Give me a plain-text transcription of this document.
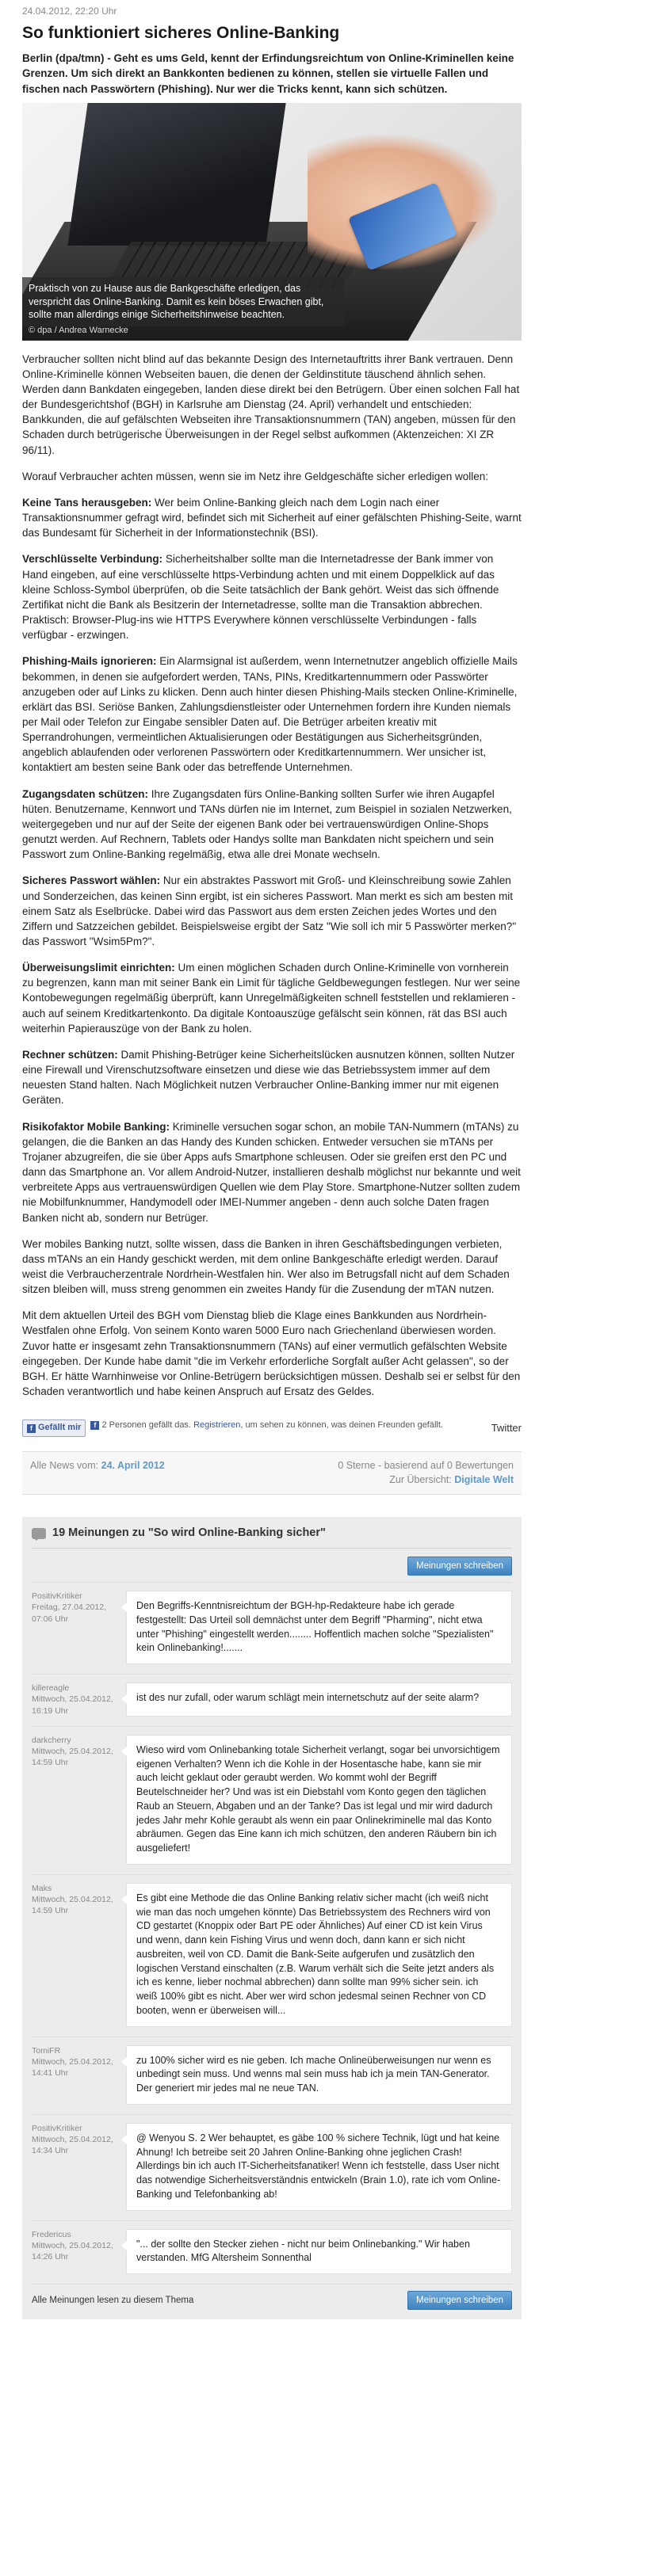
24.04.2012, 22:20 Uhr
So funktioniert sicheres Online-Banking

Berlin (dpa/tmn) - Geht es ums Geld, kennt der Erfindungsreichtum von Online-Kriminellen keine Grenzen. Um sich direkt an Bankkonten bedienen zu können, stellen sie virtuelle Fallen und fischen nach Passwörtern (Phishing). Nur wer die Tricks kennt, kann sich schützen.

Praktisch von zu Hause aus die Bankgeschäfte erledigen, das verspricht das Online-Banking. Damit es kein böses Erwachen gibt, sollte man allerdings einige Sicherheitshinweise beachten.
© dpa / Andrea Warnecke

Verbraucher sollten nicht blind auf das bekannte Design des Internetauftritts ihrer Bank vertrauen. Denn Online-Kriminelle können Webseiten bauen, die denen der Geldinstitute täuschend ähnlich sehen. Werden dann Bankdaten eingegeben, landen diese direkt bei den Betrügern. Über einen solchen Fall hat der Bundesgerichtshof (BGH) in Karlsruhe am Dienstag (24. April) verhandelt und entschieden: Bankkunden, die auf gefälschten Webseiten ihre Transaktionsnummern (TAN) angeben, müssen für den Schaden durch betrügerische Überweisungen in der Regel selbst aufkommen (Aktenzeichen: XI ZR 96/11).

Worauf Verbraucher achten müssen, wenn sie im Netz ihre Geldgeschäfte sicher erledigen wollen:

Keine Tans herausgeben: Wer beim Online-Banking gleich nach dem Login nach einer Transaktionsnummer gefragt wird, befindet sich mit Sicherheit auf einer gefälschten Phishing-Seite, warnt das Bundesamt für Sicherheit in der Informationstechnik (BSI).

Verschlüsselte Verbindung: Sicherheitshalber sollte man die Internetadresse der Bank immer von Hand eingeben, auf eine verschlüsselte https-Verbindung achten und mit einem Doppelklick auf das kleine Schloss-Symbol überprüfen, ob die Seite tatsächlich der Bank gehört. Weist das sich öffnende Zertifikat nicht die Bank als Besitzerin der Internetadresse, sollte man die Transaktion abbrechen. Praktisch: Browser-Plug-ins wie HTTPS Everywhere können verschlüsselte Verbindungen - falls verfügbar - erzwingen.

Phishing-Mails ignorieren: Ein Alarmsignal ist außerdem, wenn Internetnutzer angeblich offizielle Mails bekommen, in denen sie aufgefordert werden, TANs, PINs, Kreditkartennummern oder Passwörter anzugeben oder auf Links zu klicken. Denn auch hinter diesen Phishing-Mails stecken Online-Kriminelle, erklärt das BSI. Seriöse Banken, Zahlungsdienstleister oder Unternehmen fordern ihre Kunden niemals per Mail oder Telefon zur Eingabe sensibler Daten auf. Die Betrüger arbeiten kreativ mit Sperrandrohungen, vermeintlichen Aktualisierungen oder Bestätigungen aus Sicherheitsgründen, angeblich ablaufenden oder verlorenen Passwörtern oder Kreditkartennummern. Wer unsicher ist, kontaktiert am besten seine Bank oder das betreffende Unternehmen.

Zugangsdaten schützen: Ihre Zugangsdaten fürs Online-Banking sollten Surfer wie ihren Augapfel hüten. Benutzername, Kennwort und TANs dürfen nie im Internet, zum Beispiel in sozialen Netzwerken, weitergegeben und nur auf der Seite der eigenen Bank oder bei vertrauenswürdigen Online-Shops genutzt werden. Auf Rechnern, Tablets oder Handys sollte man Bankdaten nicht speichern und sein Passwort zum Online-Banking regelmäßig, etwa alle drei Monate wechseln.

Sicheres Passwort wählen: Nur ein abstraktes Passwort mit Groß- und Kleinschreibung sowie Zahlen und Sonderzeichen, das keinen Sinn ergibt, ist ein sicheres Passwort. Man merkt es sich am besten mit einem Satz als Eselbrücke. Dabei wird das Passwort aus dem ersten Zeichen jedes Wortes und den Ziffern und Satzzeichen gebildet. Beispielsweise ergibt der Satz "Wie soll ich mir 5 Passwörter merken?" das Passwort "Wsim5Pm?".

Überweisungslimit einrichten: Um einen möglichen Schaden durch Online-Kriminelle von vornherein zu begrenzen, kann man mit seiner Bank ein Limit für tägliche Geldbewegungen festlegen. Nur wer seine Kontobewegungen regelmäßig überprüft, kann Unregelmäßigkeiten schnell feststellen und reklamieren - auch auf seinem Kreditkartenkonto. Da digitale Kontoauszüge gefälscht sein können, rät das BSI auch weiterhin Papierauszüge von der Bank zu holen.

Rechner schützen: Damit Phishing-Betrüger keine Sicherheitslücken ausnutzen können, sollten Nutzer eine Firewall und Virenschutzsoftware einsetzen und diese wie das Betriebssystem immer auf dem neuesten Stand halten. Nach Möglichkeit nutzen Verbraucher Online-Banking immer nur mit eigenen Geräten.

Risikofaktor Mobile Banking: Kriminelle versuchen sogar schon, an mobile TAN-Nummern (mTANs) zu gelangen, die die Banken an das Handy des Kunden schicken. Entweder versuchen sie mTANs per Trojaner abzugreifen, die sie über Apps aufs Smartphone schleusen. Oder sie greifen erst den PC und dann das Smartphone an. Vor allem Android-Nutzer, installieren deshalb möglichst nur bekannte und weit verbreitete Apps aus vertrauenswürdigen Quellen wie dem Play Store. Smartphone-Nutzer sollten zudem nie Mobilfunknummer, Handymodell oder IMEI-Nummer angeben - denn auch solche Daten fragen Banken nicht ab, sondern nur Betrüger.

Wer mobiles Banking nutzt, sollte wissen, dass die Banken in ihren Geschäftsbedingungen verbieten, dass mTANs an ein Handy geschickt werden, mit dem online Bankgeschäfte erledigt werden. Darauf weist die Verbraucherzentrale Nordrhein-Westfalen hin. Wer also im Betrugsfall nicht auf dem Schaden sitzen bleiben will, muss streng genommen ein zweites Handy für die Zusendung der mTAN nutzen.

Mit dem aktuellen Urteil des BGH vom Dienstag blieb die Klage eines Bankkunden aus Nordrhein-Westfalen ohne Erfolg. Von seinem Konto waren 5000 Euro nach Griechenland überwiesen worden. Zuvor hatte er insgesamt zehn Transaktionsnummern (TANs) auf einer vermutlich gefälschten Website eingegeben. Der Kunde habe damit "die im Verkehr erforderliche Sorgfalt außer Acht gelassen", so der BGH. Er hätte Warnhinweise vor Online-Betrügern berücksichtigen müssen. Deshalb sei er selbst für den Schaden verantwortlich und habe keinen Anspruch auf Ersatz des Geldes.

f Gefällt mir	f 2 Personen gefällt das. Registrieren, um sehen zu können, was deinen Freunden gefällt.	Twitter
Alle News vom: 24. April 2012	0 Sterne - basierend auf 0 Bewertungen
Zur Übersicht: Digitale Welt
19 Meinungen zu "So wird Online-Banking sicher"
Meinungen schreiben
PositivKritiker
Freitag, 27.04.2012, 07:06 Uhr
Den Begriffs-Kenntnisreichtum der BGH-hp-Redakteure habe ich gerade festgestellt: Das Urteil soll demnächst unter dem Begriff "Pharming", nicht etwa unter "Phishing" eingestellt werden........ Hoffentlich machen solche "Spezialisten" kein Onlinebanking!.......
killereagle
Mittwoch, 25.04.2012, 16:19 Uhr
ist des nur zufall, oder warum schlägt mein internetschutz auf der seite alarm?
darkcherry
Mittwoch, 25.04.2012, 14:59 Uhr
Wieso wird vom Onlinebanking totale Sicherheit verlangt, sogar bei unvorsichtigem eigenen Verhalten? Wenn ich die Kohle in der Hosentasche habe, kann sie mir auch leicht geklaut oder geraubt werden. Wo kommt wohl der Begriff Beutelschneider her? Und was ist ein Diebstahl vom Konto gegen den täglichen Raub an Steuern, Abgaben und an der Tanke? Das ist legal und mir wird dadurch jedes Jahr mehr Kohle geraubt als wenn ein paar Onlinekriminelle mal das Konto abräumen. Gegen das Eine kann ich mich schützen, den anderen Räubern bin ich ausgeliefert!
Maks
Mittwoch, 25.04.2012, 14:59 Uhr
Es gibt eine Methode die das Online Banking relativ sicher macht (ich weiß nicht wie man das noch umgehen könnte) Das Betriebssystem des Rechners wird von CD gestartet (Knoppix oder Bart PE oder Ähnliches) Auf einer CD ist kein Virus und wenn, dann kein Fishing Virus und wenn doch, dann kann er sich nicht ausbreiten, weil von CD. Damit die Bank-Seite aufgerufen und zusätzlich den logischen Verstand einschalten (z.B. Warum verhält sich die Seite jetzt anders als ich es kenne, lieber nochmal abbrechen) dann sollte man 99% sicher sein. ich weiß 100% gibt es nicht. Aber wer wird schon jedesmal seinen Rechner von CD booten, wenn er überweisen will...
TomiFR
Mittwoch, 25.04.2012, 14:41 Uhr
zu 100% sicher wird es nie geben. Ich mache Onlineüberweisungen nur wenn es unbedingt sein muss. Und wenns mal sein muss hab ich ja mein TAN-Generator. Der generiert mir jedes mal ne neue TAN.
PositivKritiker
Mittwoch, 25.04.2012, 14:34 Uhr
@ Wenyou S. 2 Wer behauptet, es gäbe 100 % sichere Technik, lügt und hat keine Ahnung! Ich betreibe seit 20 Jahren Online-Banking ohne jeglichen Crash! Allerdings bin ich auch IT-Sicherheitsfanatiker! Wenn ich feststelle, dass User nicht das notwendige Sicherheitsverständnis entwickeln (Brain 1.0), rate ich vom Online-Banking und Telefonbanking ab!
Fredericus
Mittwoch, 25.04.2012, 14:26 Uhr
"... der sollte den Stecker ziehen - nicht nur beim Onlinebanking." Wir haben verstanden. MfG Altersheim Sonnenthal
Alle Meinungen lesen zu diesem Thema	Meinungen schreiben
